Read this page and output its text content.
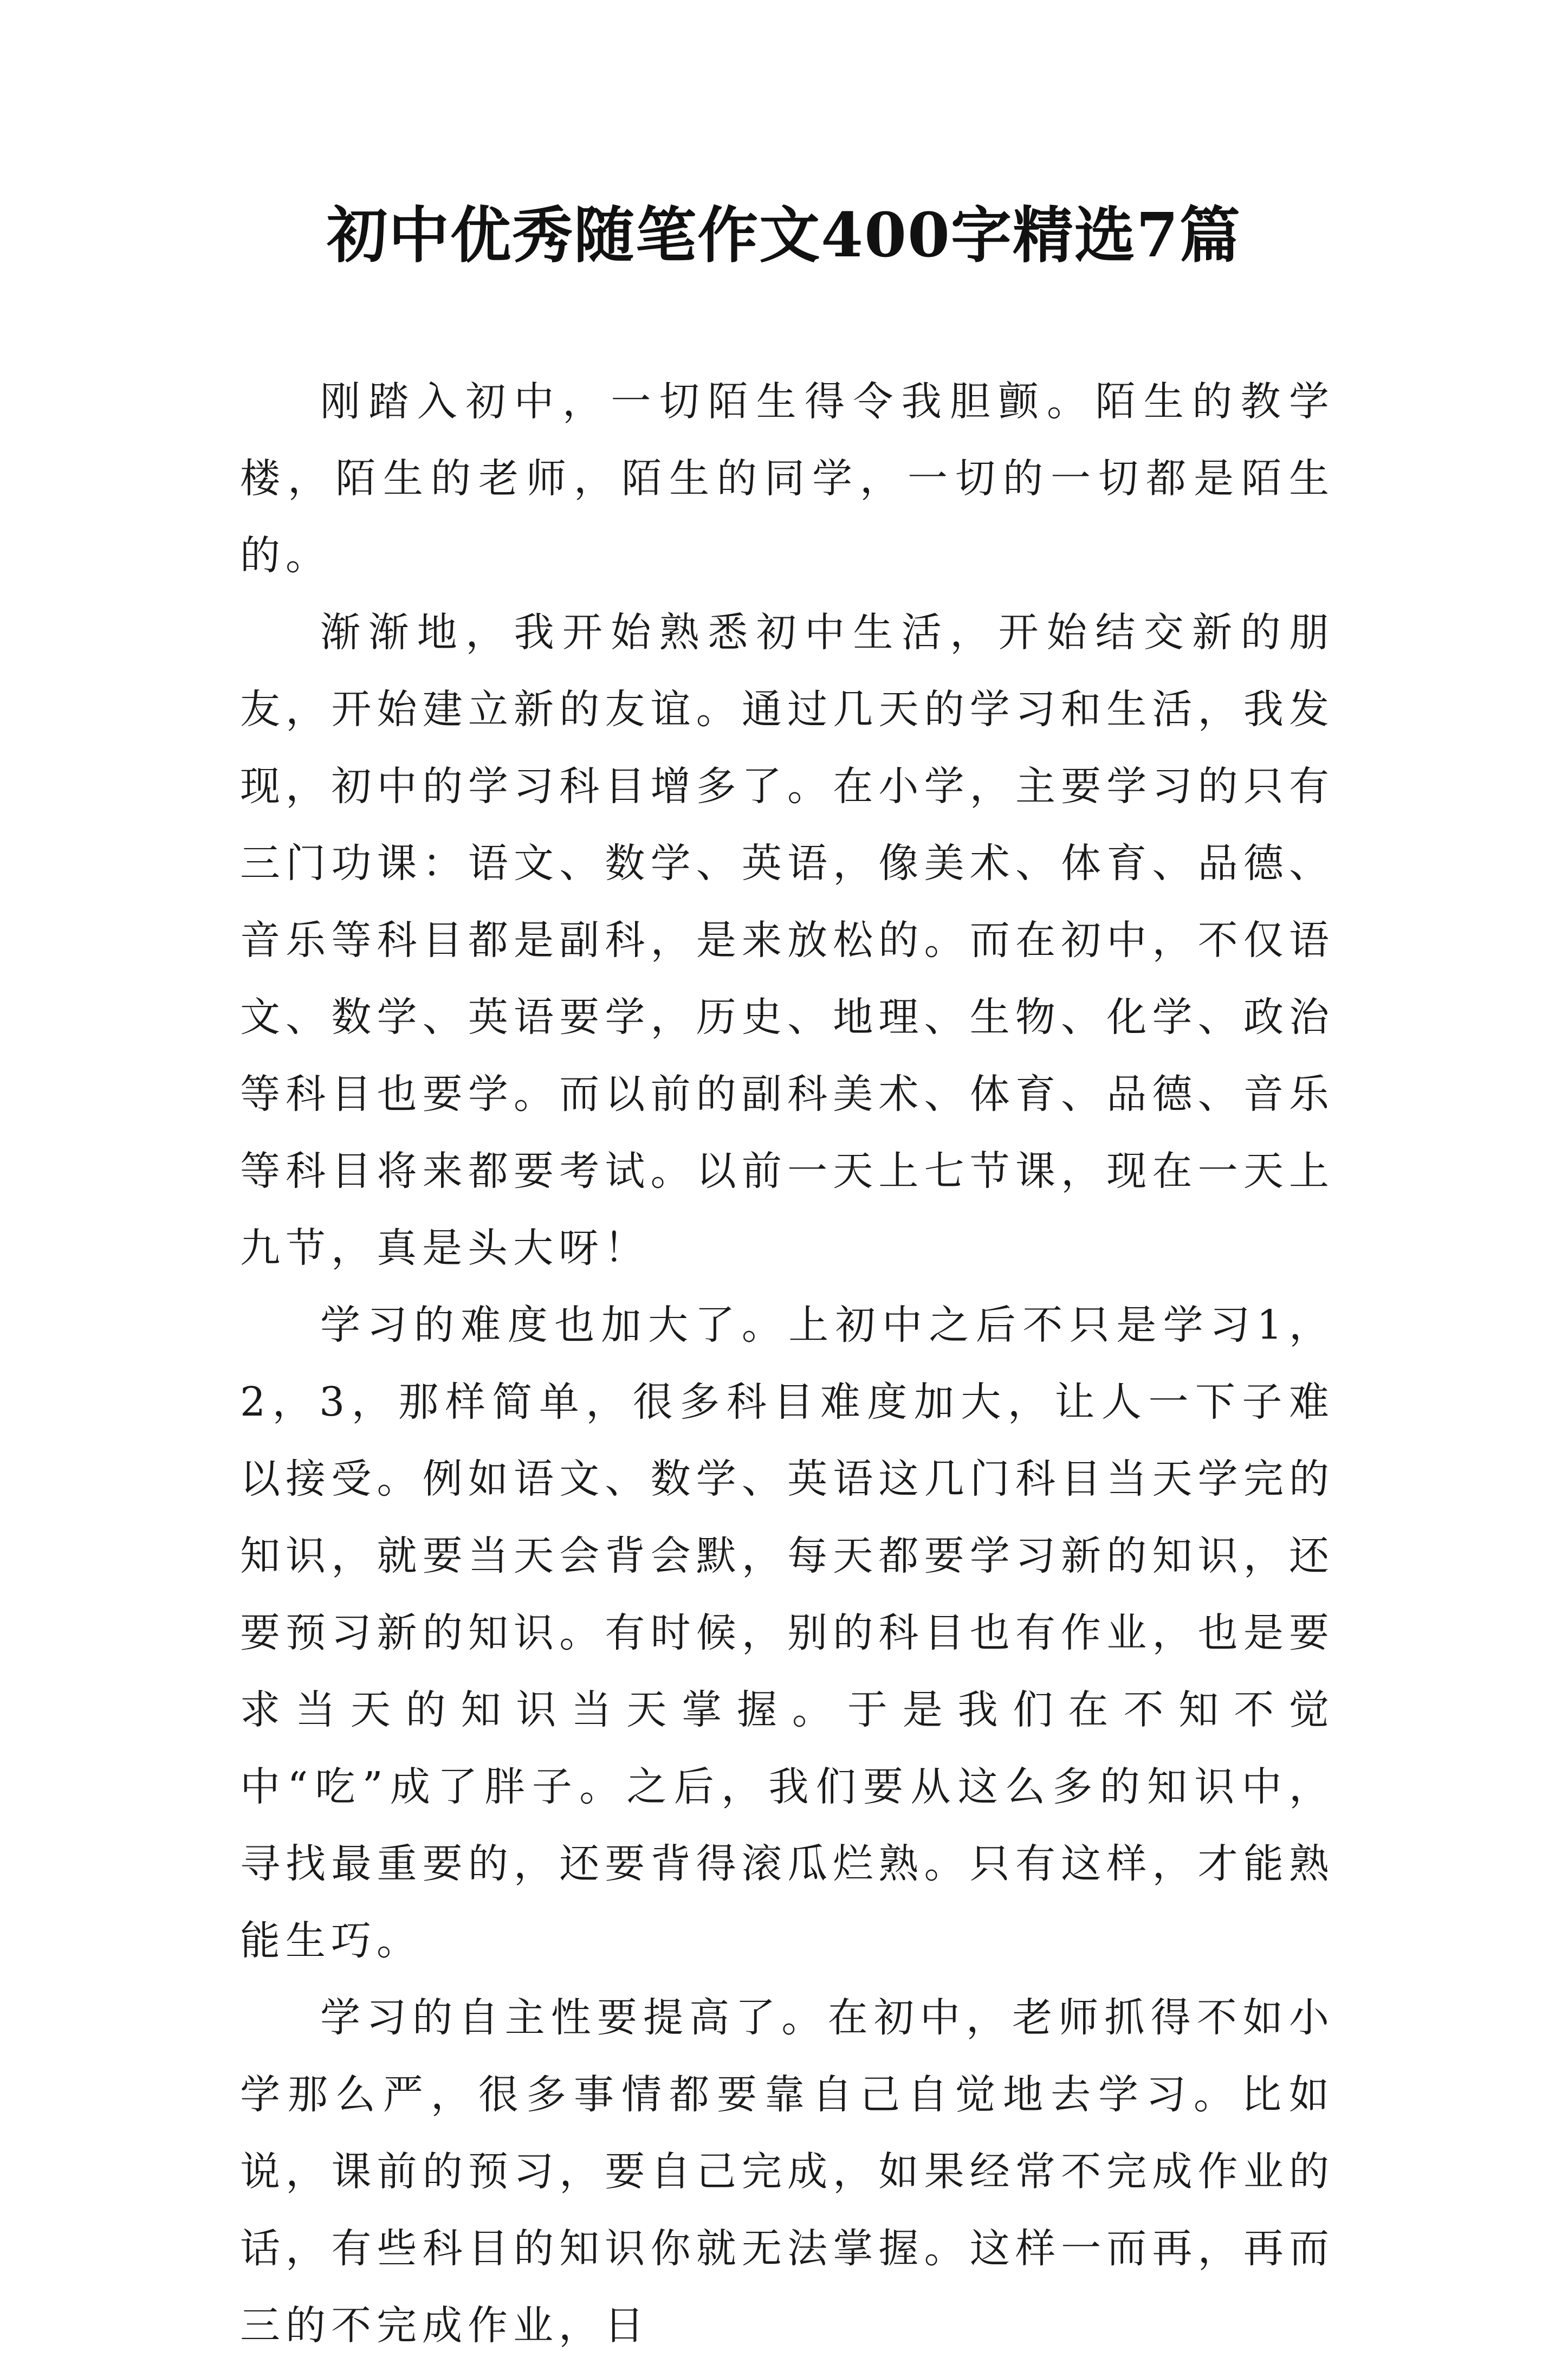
初中优秀随笔作文400字精选7篇

刚踏入初中，一切陌生得令我胆颤。陌生的教学楼，陌生的老师，陌生的同学，一切的一切都是陌生的。

渐渐地，我开始熟悉初中生活，开始结交新的朋友，开始建立新的友谊。通过几天的学习和生活，我发现，初中的学习科目增多了。在小学，主要学习的只有三门功课：语文、数学、英语，像美术、体育、品德、音乐等科目都是副科，是来放松的。而在初中，不仅语文、数学、英语要学，历史、地理、生物、化学、政治等科目也要学。而以前的副科美术、体育、品德、音乐等科目将来都要考试。以前一天上七节课，现在一天上九节，真是头大呀！

学习的难度也加大了。上初中之后不只是学习1，2，3，那样简单，很多科目难度加大，让人一下子难以接受。例如语文、数学、英语这几门科目当天学完的知识，就要当天会背会默，每天都要学习新的知识，还要预习新的知识。有时候，别的科目也有作业，也是要求当天的知识当天掌握。于是我们在不知不觉中“吃”成了胖子。之后，我们要从这么多的知识中，寻找最重要的，还要背得滚瓜烂熟。只有这样，才能熟能生巧。

学习的自主性要提高了。在初中，老师抓得不如小学那么严，很多事情都要靠自己自觉地去学习。比如说，课前的预习，要自己完成，如果经常不完成作业的话，有些科目的知识你就无法掌握。这样一而再，再而三的不完成作业，日
